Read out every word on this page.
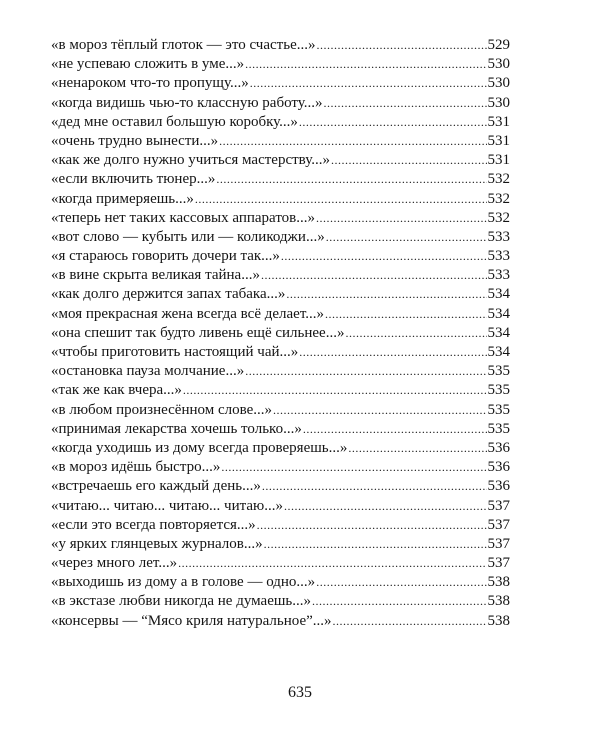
«в мороз тёплый глоток — это счастье...» .....	529
«не успеваю сложить в уме...» .....	530
«ненароком что-то пропущу...» .....	530
«когда видишь чью-то классную работу...» .....	530
«дед мне оставил большую коробку...» .....	531
«очень трудно вынести...» .....	531
«как же долго нужно учиться мастерству...» .....	531
«если включить тюнер...» .....	532
«когда примеряешь...» .....	532
«теперь нет таких кассовых аппаратов...» .....	532
«вот слово — кубыть или — коликоджи...» .....	533
«я стараюсь говорить дочери так...» .....	533
«в вине скрыта великая тайна...» .....	533
«как долго держится запах табака...» .....	534
«моя прекрасная жена всегда всё делает...» .....	534
«она спешит так будто ливень ещё сильнее...» .....	534
«чтобы приготовить настоящий чай...» .....	534
«остановка пауза молчание...» .....	535
«так же как вчера...» .....	535
«в любом произнесённом слове...» .....	535
«принимая лекарства хочешь только...» .....	535
«когда уходишь из дому всегда проверяешь...» .....	536
«в мороз идёшь быстро...» .....	536
«встречаешь его каждый день...» .....	536
«читаю... читаю... читаю... читаю...» .....	537
«если это всегда повторяется...» .....	537
«у ярких глянцевых журналов...» .....	537
«через много лет...» .....	537
«выходишь из дому а в голове — одно...» .....	538
«в экстазе любви никогда не думаешь...» .....	538
«консервы — “Мясо криля натуральное”...» .....	538
635
